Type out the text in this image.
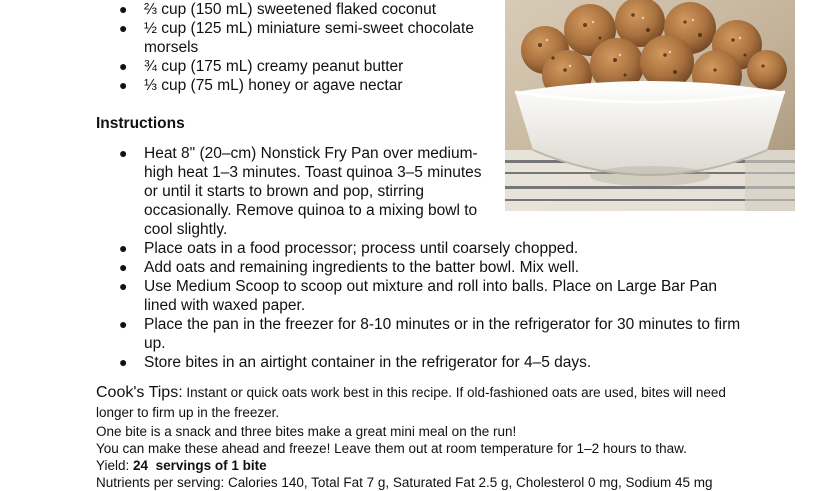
● ⅔ cup (150 mL) sweetened flaked coconut
● ½ cup (125 mL) miniature semi-sweet chocolate morsels
● ¾ cup (175 mL) creamy peanut butter
● ⅓ cup (75 mL) honey or agave nectar
Instructions
● Heat 8" (20–cm) Nonstick Fry Pan over medium-high heat 1–3 minutes. Toast quinoa 3–5 minutes or until it starts to brown and pop, stirring occasionally. Remove quinoa to a mixing bowl to cool slightly.
● Place oats in a food processor; process until coarsely chopped.
● Add oats and remaining ingredients to the batter bowl. Mix well.
● Use Medium Scoop to scoop out mixture and roll into balls. Place on Large Bar Pan lined with waxed paper.
● Place the pan in the freezer for 8-10 minutes or in the refrigerator for 30 minutes to firm up.
● Store bites in an airtight container in the refrigerator for 4–5 days.

Cook's Tips: Instant or quick oats work best in this recipe. If old-fashioned oats are used, bites will need longer to firm up in the freezer.

One bite is a snack and three bites make a great mini meal on the run!

You can make these ahead and freeze! Leave them out at room temperature for 1–2 hours to thaw.

Yield: 24  servings of 1 bite

Nutrients per serving: Calories 140, Total Fat 7 g, Saturated Fat 2.5 g, Cholesterol 0 mg, Sodium 45 mg
